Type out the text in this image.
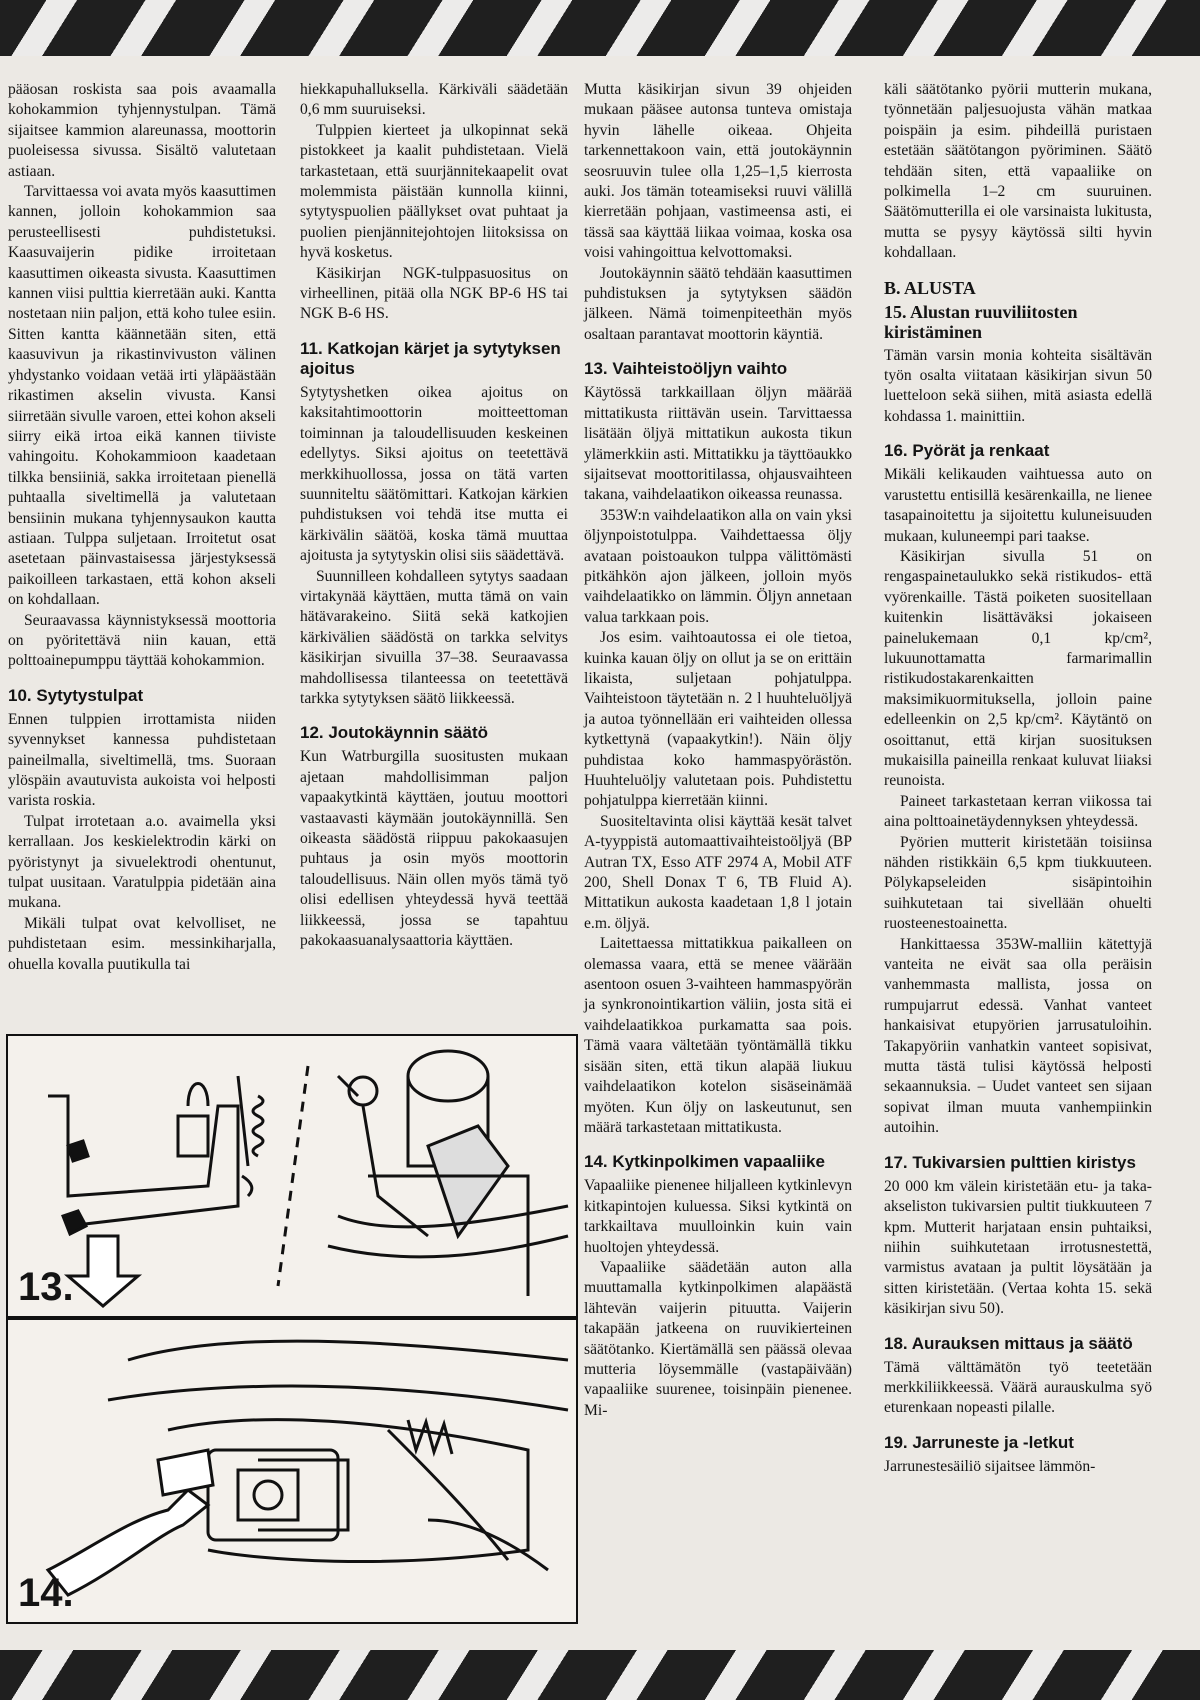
pääosan roskista saa pois avaamalla kohokammion tyhjennystulpan. Tämä sijaitsee kammion alareunassa, moottorin puoleisessa sivussa. Sisältö valutetaan astiaan.

Tarvittaessa voi avata myös kaasuttimen kannen, jolloin kohokammion saa perusteellisesti puhdistetuksi. Kaasuvaijerin pidike irroitetaan kaasuttimen oikeasta sivusta. Kaasuttimen kannen viisi pulttia kierretään auki. Kantta nostetaan niin paljon, että koho tulee esiin. Sitten kantta käännetään siten, että kaasuvivun ja rikastinvivuston välinen yhdystanko voidaan vetää irti yläpäästään rikastimen akselin vivusta. Kansi siirretään sivulle varoen, ettei kohon akseli siirry eikä irtoa eikä kannen tiiviste vahingoitu. Kohokammioon kaadetaan tilkka bensiiniä, sakka irroitetaan pienellä puhtaalla siveltimellä ja valutetaan bensiinin mukana tyhjennysaukon kautta astiaan. Tulppa suljetaan. Irroitetut osat asetetaan päinvastaisessa järjestyksessä paikoilleen tarkastaen, että kohon akseli on kohdallaan.

Seuraavassa käynnistyksessä moottoria on pyöritettävä niin kauan, että polttoainepumppu täyttää kohokammion.

10. Sytytystulpat

Ennen tulppien irrottamista niiden syvennykset kannessa puhdistetaan paineilmalla, siveltimellä, tms. Suoraan ylöspäin avautuvista aukoista voi helposti varista roskia.

Tulpat irrotetaan a.o. avaimella yksi kerrallaan. Jos keskielektrodin kärki on pyöristynyt ja sivuelektrodi ohentunut, tulpat uusitaan. Varatulppia pidetään aina mukana.

Mikäli tulpat ovat kelvolliset, ne puhdistetaan esim. messinkiharjalla, ohuella kovalla puutikulla tai

hiekkapuhalluksella. Kärkiväli säädetään 0,6 mm suuruiseksi.

Tulppien kierteet ja ulkopinnat sekä pistokkeet ja kaalit puhdistetaan. Vielä tarkastetaan, että suurjännitekaapelit ovat molemmista päistään kunnolla kiinni, sytytyspuolien päällykset ovat puhtaat ja puolien pienjännitejohtojen liitoksissa on hyvä kosketus.

Käsikirjan NGK-tulppasuositus on virheellinen, pitää olla NGK BP-6 HS tai NGK B-6 HS.

11. Katkojan kärjet ja sytytyksen ajoitus

Sytytyshetken oikea ajoitus on kaksitahtimoottorin moitteettoman toiminnan ja taloudellisuuden keskeinen edellytys. Siksi ajoitus on teetettävä merkkihuollossa, jossa on tätä varten suunniteltu säätömittari. Katkojan kärkien puhdistuksen voi tehdä itse mutta ei kärkivälin säätöä, koska tämä muuttaa ajoitusta ja sytytyskin olisi siis säädettävä.

Suunnilleen kohdalleen sytytys saadaan virtakynää käyttäen, mutta tämä on vain hätävarakeino. Siitä sekä katkojien kärkivälien säädöstä on tarkka selvitys käsikirjan sivuilla 37–38. Seuraavassa mahdollisessa tilanteessa on teetettävä tarkka sytytyksen säätö liikkeessä.

12. Joutokäynnin säätö

Kun Watrburgilla suositusten mukaan ajetaan mahdollisimman paljon vapaakytkintä käyttäen, joutuu moottori vastaavasti käymään joutokäynnillä. Sen oikeasta säädöstä riippuu pakokaasujen puhtaus ja osin myös moottorin taloudellisuus. Näin ollen myös tämä työ olisi edellisen yhteydessä hyvä teettää liikkeessä, jossa se tapahtuu pakokaasuanalysaattoria käyttäen.

Mutta käsikirjan sivun 39 ohjeiden mukaan pääsee autonsa tunteva omistaja hyvin lähelle oikeaa. Ohjeita tarkennettakoon vain, että joutokäynnin seosruuvin tulee olla 1,25–1,5 kierrosta auki. Jos tämän toteamiseksi ruuvi välillä kierretään pohjaan, vastimeensa asti, ei tässä saa käyttää liikaa voimaa, koska osa voisi vahingoittua kelvottomaksi.

Joutokäynnin säätö tehdään kaasuttimen puhdistuksen ja sytytyksen säädön jälkeen. Nämä toimenpiteethän myös osaltaan parantavat moottorin käyntiä.

13. Vaihteistoöljyn vaihto

Käytössä tarkkaillaan öljyn määrää mittatikusta riittävän usein. Tarvittaessa lisätään öljyä mittatikun aukosta tikun ylämerkkiin asti. Mittatikku ja täyttöaukko sijaitsevat moottoritilassa, ohjausvaihteen takana, vaihdelaatikon oikeassa reunassa.

353W:n vaihdelaatikon alla on vain yksi öljynpoistotulppa. Vaihdettaessa öljy avataan poistoaukon tulppa välittömästi pitkähkön ajon jälkeen, jolloin myös vaihdelaatikko on lämmin. Öljyn annetaan valua tarkkaan pois.

Jos esim. vaihtoautossa ei ole tietoa, kuinka kauan öljy on ollut ja se on erittäin likaista, suljetaan pohjatulppa. Vaihteistoon täytetään n. 2 l huuhteluöljyä ja autoa työnnellään eri vaihteiden ollessa kytkettynä (vapaakytkin!). Näin öljy puhdistaa koko hammaspyörästön. Huuhteluöljy valutetaan pois. Puhdistettu pohjatulppa kierretään kiinni.

Suositeltavinta olisi käyttää kesät talvet A-tyyppistä automaattivaihteistoöljyä (BP Autran TX, Esso ATF 2974 A, Mobil ATF 200, Shell Donax T 6, TB Fluid A). Mittatikun aukosta kaadetaan 1,8 l jotain e.m. öljyä.

Laitettaessa mittatikkua paikalleen on olemassa vaara, että se menee väärään asentoon osuen 3-vaihteen hammaspyörän ja synkronointikartion väliin, josta sitä ei vaihdelaatikkoa purkamatta saa pois. Tämä vaara vältetään työntämällä tikku sisään siten, että tikun alapää liukuu vaihdelaatikon kotelon sisäseinämää myöten. Kun öljy on laskeutunut, sen määrä tarkastetaan mittatikusta.

14. Kytkinpolkimen vapaaliike

Vapaaliike pienenee hiljalleen kytkinlevyn kitkapintojen kuluessa. Siksi kytkintä on tarkkailtava muulloinkin kuin vain huoltojen yhteydessä.

Vapaaliike säädetään auton alla muuttamalla kytkinpolkimen alapäästä lähtevän vaijerin pituutta. Vaijerin takapään jatkeena on ruuvikierteinen säätötanko. Kiertämällä sen päässä olevaa mutteria löysemmälle (vastapäivään) vapaaliike suurenee, toisinpäin pienenee. Mi-

käli säätötanko pyörii mutterin mukana, työnnetään paljesuojusta vähän matkaa poispäin ja esim. pihdeillä puristaen estetään säätötangon pyöriminen. Säätö tehdään siten, että vapaaliike on polkimella 1–2 cm suuruinen. Säätömutterilla ei ole varsinaista lukitusta, mutta se pysyy käytössä silti hyvin kohdallaan.

B. ALUSTA
15. Alustan ruuviliitosten kiristäminen

Tämän varsin monia kohteita sisältävän työn osalta viitataan käsikirjan sivun 50 luetteloon sekä siihen, mitä asiasta edellä kohdassa 1. mainittiin.

16. Pyörät ja renkaat

Mikäli kelikauden vaihtuessa auto on varustettu entisillä kesärenkailla, ne lienee tasapainoitettu ja sijoitettu kuluneisuuden mukaan, kuluneempi pari taakse.

Käsikirjan sivulla 51 on rengaspainetaulukko sekä ristikudos- että vyörenkaille. Tästä poiketen suositellaan kuitenkin lisättäväksi jokaiseen painelukemaan 0,1 kp/cm², lukuunottamatta farmarimallin ristikudostakarenkaitten maksimikuormituksella, jolloin paine edelleenkin on 2,5 kp/cm². Käytäntö on osoittanut, että kirjan suosituksen mukaisilla paineilla renkaat kuluvat liiaksi reunoista.

Paineet tarkastetaan kerran viikossa tai aina polttoainetäydennyksen yhteydessä.

Pyörien mutterit kiristetään toisiinsa nähden ristikkäin 6,5 kpm tiukkuuteen. Pölykapseleiden sisäpintoihin suihkutetaan tai sivellään ohuelti ruosteenestoainetta.

Hankittaessa 353W-malliin kätettyjä vanteita ne eivät saa olla peräisin vanhemmasta mallista, jossa on rumpujarrut edessä. Vanhat vanteet hankaisivat etupyörien jarrusatuloihin. Takapyöriin vanhatkin vanteet sopisivat, mutta tästä tulisi käytössä helposti sekaannuksia. – Uudet vanteet sen sijaan sopivat ilman muuta vanhempiinkin autoihin.

17. Tukivarsien pulttien kiristys

20 000 km välein kiristetään etu- ja taka-akseliston tukivarsien pultit tiukkuuteen 7 kpm. Mutterit harjataan ensin puhtaiksi, niihin suihkutetaan irrotusnestettä, varmistus avataan ja pultit löysätään ja sitten kiristetään. (Vertaa kohta 15. sekä käsikirjan sivu 50).

18. Aurauksen mittaus ja säätö

Tämä välttämätön työ teetetään merkkiliikkeessä. Väärä aurauskulma syö eturenkaan nopeasti pilalle.

19. Jarruneste ja -letkut

Jarrunestesäiliö sijaitsee lämmön-

13.
14.
